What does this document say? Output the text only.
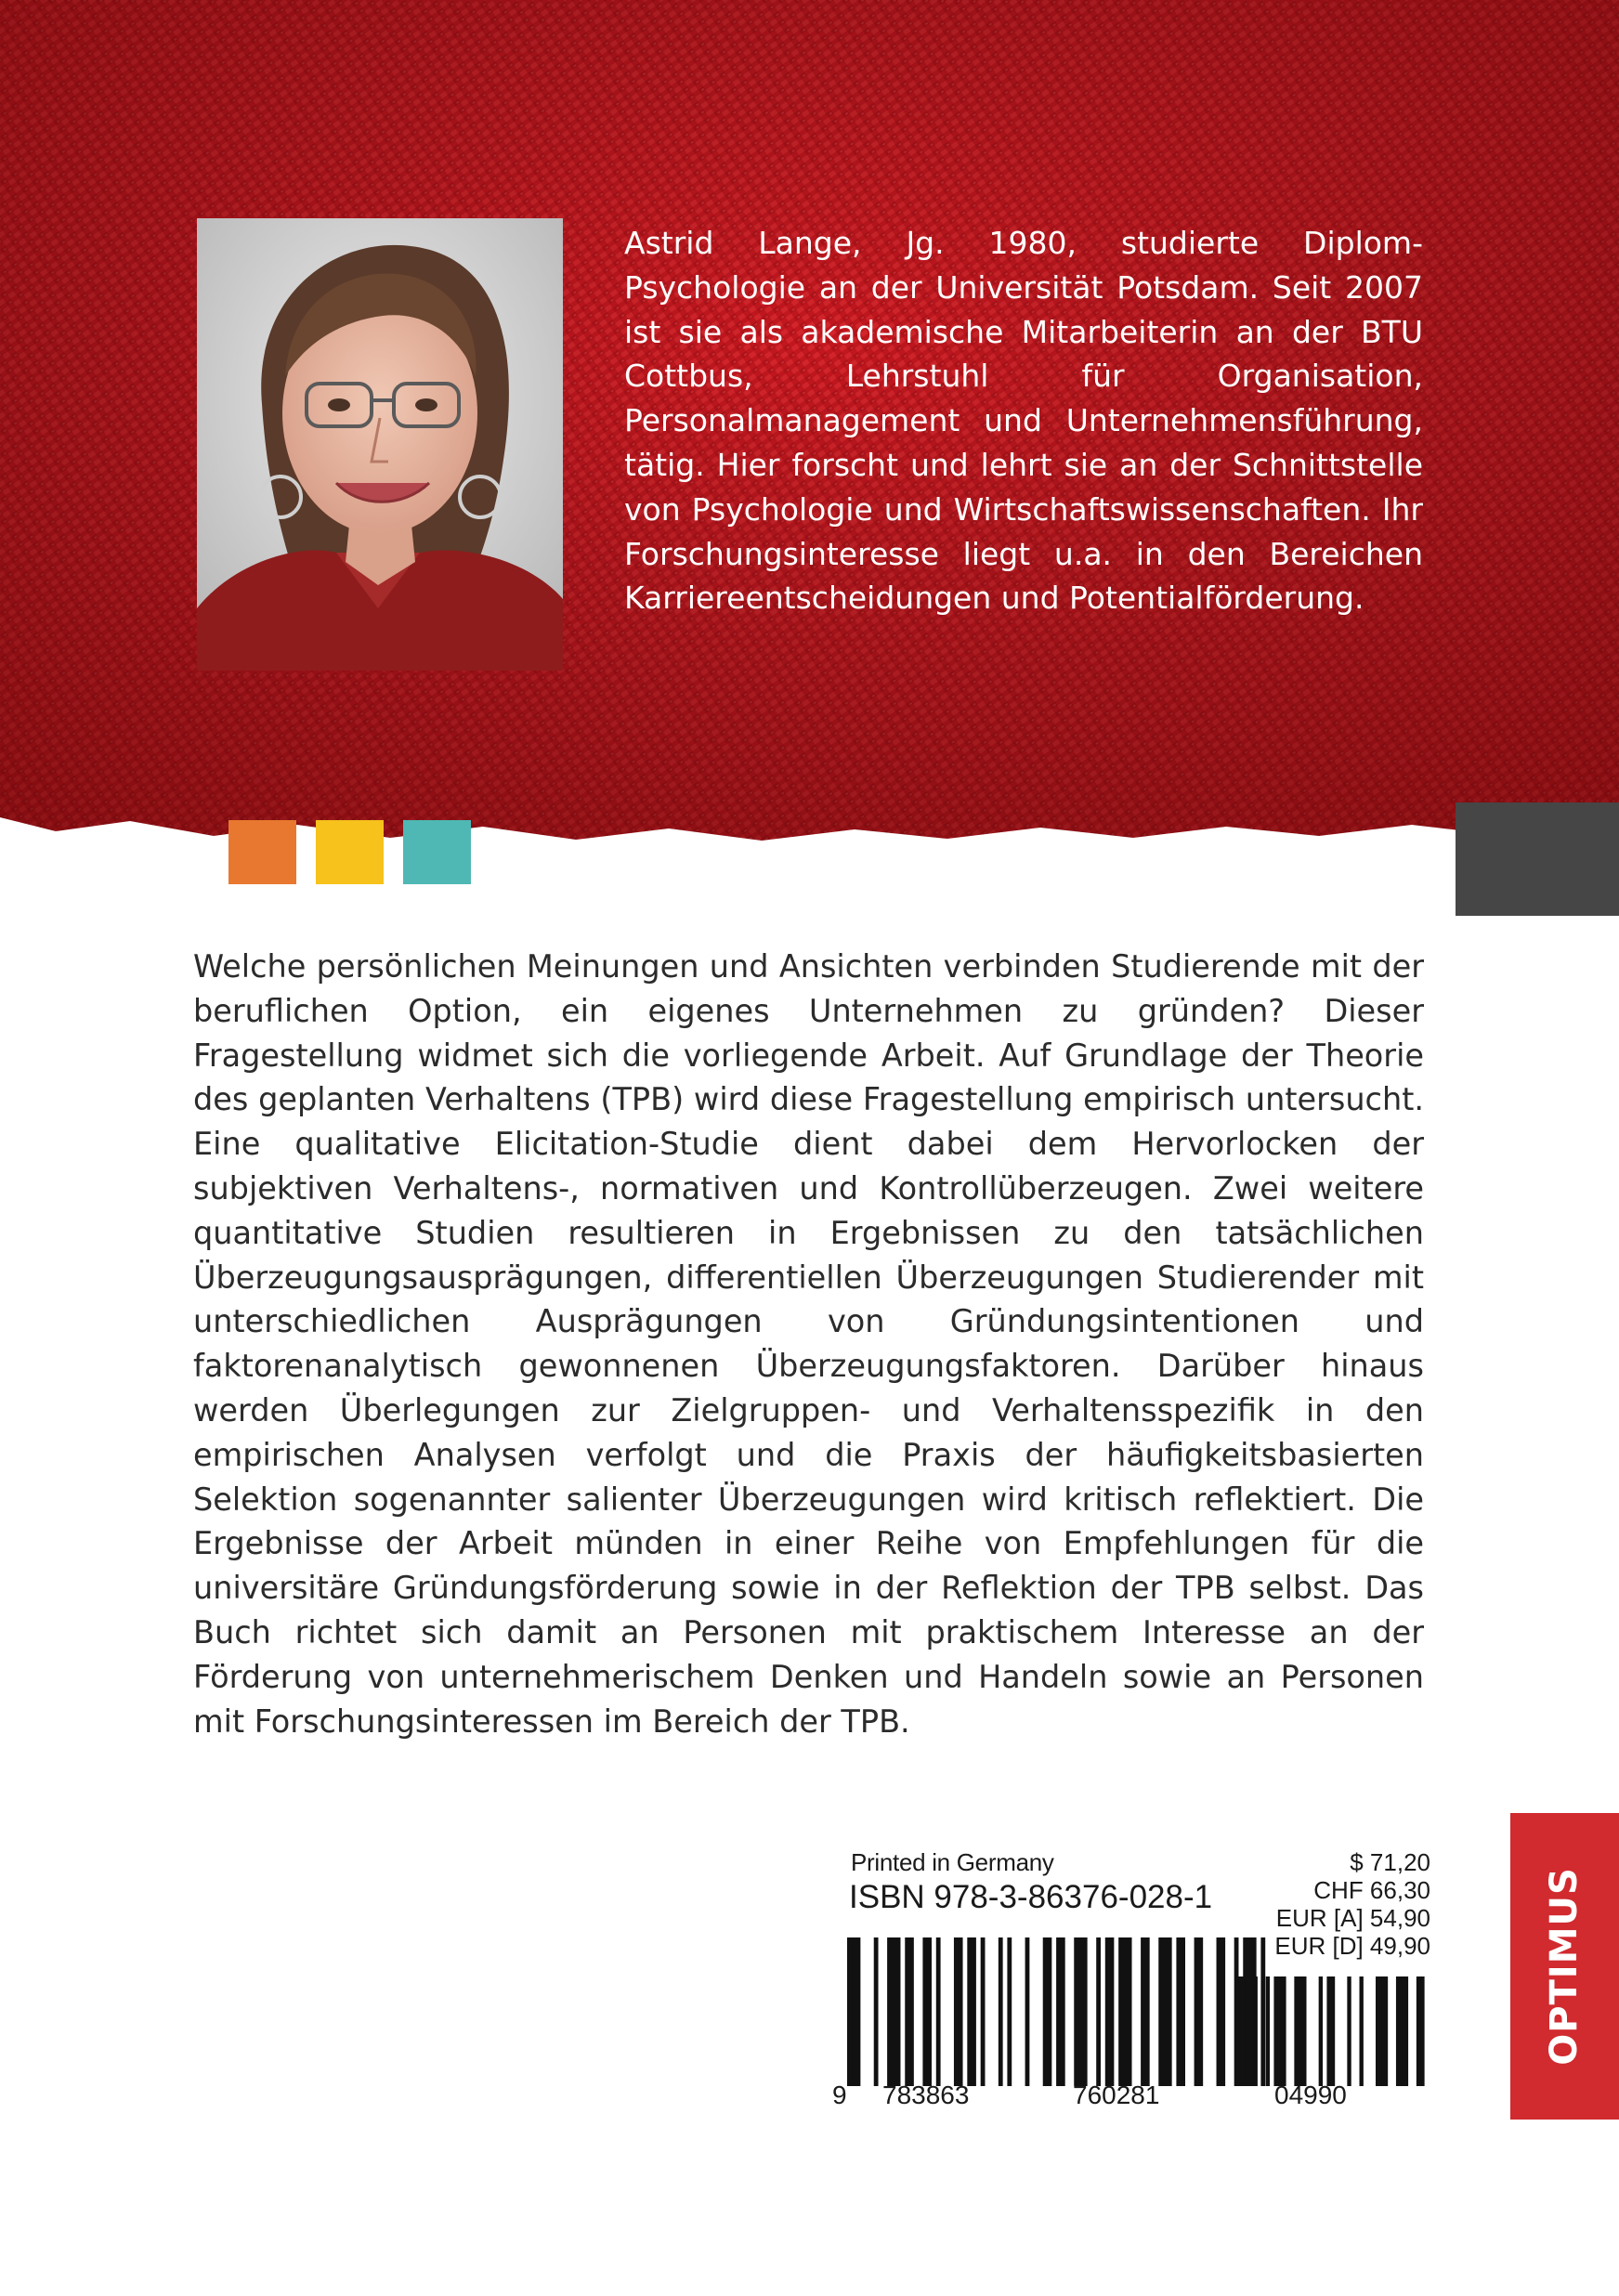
Astrid Lange, Jg. 1980, studierte Diplom-Psychologie an der Universität Potsdam. Seit 2007 ist sie als akademische Mitarbeiterin an der BTU Cottbus, Lehrstuhl für Organisation, Personalmanagement und Unternehmensführung, tätig. Hier forscht und lehrt sie an der Schnittstelle von Psychologie und Wirtschaftswissenschaften. Ihr Forschungsinteresse liegt u.a. in den Bereichen Karriereentscheidungen und Potentialförderung.

Welche persönlichen Meinungen und Ansichten verbinden Studierende mit der beruflichen Option, ein eigenes Unternehmen zu gründen? Dieser Fragestellung widmet sich die vorliegende Arbeit. Auf Grundlage der Theorie des geplanten Verhaltens (TPB) wird diese Fragestellung empirisch untersucht. Eine qualitative Elicitation-Studie dient dabei dem Hervorlocken der subjektiven Verhaltens-, normativen und Kontrollüberzeugen. Zwei weitere quantitative Studien resultieren in Ergebnissen zu den tatsächlichen Überzeugungsausprägungen, differentiellen Überzeugungen Studierender mit unterschiedlichen Ausprägungen von Gründungsintentionen und faktorenanalytisch gewonnenen Überzeugungsfaktoren. Darüber hinaus werden Überlegungen zur Zielgruppen- und Verhaltensspezifik in den empirischen Analysen verfolgt und die Praxis der häufigkeitsbasierten Selektion sogenannter salienter Überzeugungen wird kritisch reflektiert. Die Ergebnisse der Arbeit münden in einer Reihe von Empfehlungen für die universitäre Gründungsförderung sowie in der Reflektion der TPB selbst. Das Buch richtet sich damit an Personen mit praktischem Interesse an der Förderung von unternehmerischem Denken und Handeln sowie an Personen mit Forschungsinteressen im Bereich der TPB.

Printed in Germany
ISBN 978-3-86376-028-1
$ 71,20
CHF 66,30
EUR [A] 54,90
EUR [D] 49,90
9 783863	760281	04990
OPTIMUS
